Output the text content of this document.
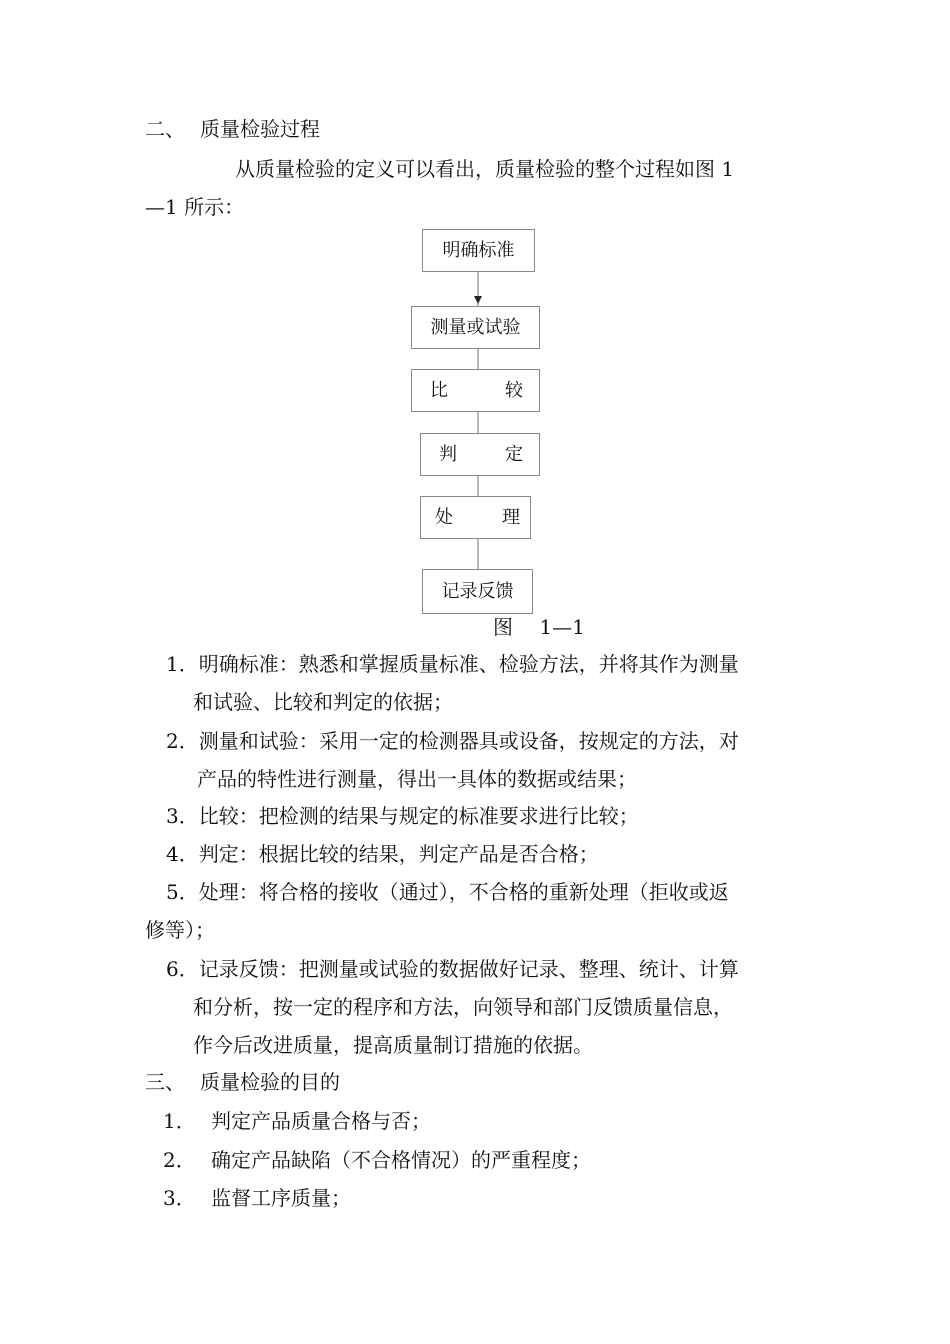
二、 质量检验过程
从质量检验的定义可以看出，质量检验的整个过程如图 1
—1 所示：
明确标准
测量或试验
比	较
判	定
处	理
记录反馈
图　 1—1
1．明确标准：熟悉和掌握质量标准、检验方法，并将其作为测量
和试验、比较和判定的依据；
2．测量和试验：采用一定的检测器具或设备，按规定的方法，对
产品的特性进行测量，得出一具体的数据或结果；
3．比较：把检测的结果与规定的标准要求进行比较；
4．判定：根据比较的结果，判定产品是否合格；
5．处理：将合格的接收（通过），不合格的重新处理（拒收或返
修等）；
6．记录反馈：把测量或试验的数据做好记录、整理、统计、计算
和分析，按一定的程序和方法，向领导和部门反馈质量信息，
作今后改进质量，提高质量制订措施的依据。
三、 质量检验的目的
1． 判定产品质量合格与否；
2． 确定产品缺陷（不合格情况）的严重程度；
3． 监督工序质量；
